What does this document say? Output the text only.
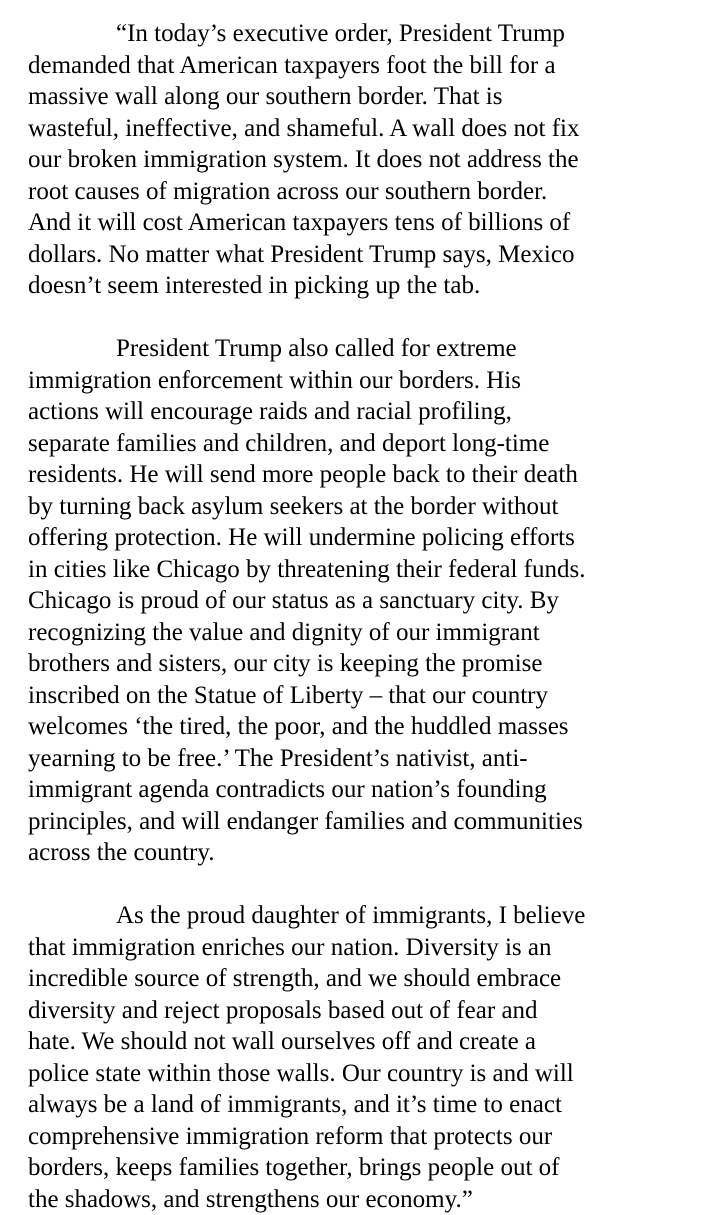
“In today’s executive order, President Trump
demanded that American taxpayers foot the bill for a
massive wall along our southern border. That is
wasteful, ineffective, and shameful. A wall does not fix
our broken immigration system. It does not address the
root causes of migration across our southern border.
And it will cost American taxpayers tens of billions of
dollars. No matter what President Trump says, Mexico
doesn’t seem interested in picking up the tab.

President Trump also called for extreme
immigration enforcement within our borders. His
actions will encourage raids and racial profiling,
separate families and children, and deport long-time
residents. He will send more people back to their death
by turning back asylum seekers at the border without
offering protection. He will undermine policing efforts
in cities like Chicago by threatening their federal funds.
Chicago is proud of our status as a sanctuary city. By
recognizing the value and dignity of our immigrant
brothers and sisters, our city is keeping the promise
inscribed on the Statue of Liberty – that our country
welcomes ‘the tired, the poor, and the huddled masses
yearning to be free.’ The President’s nativist, anti-
immigrant agenda contradicts our nation’s founding
principles, and will endanger families and communities
across the country.

As the proud daughter of immigrants, I believe
that immigration enriches our nation. Diversity is an
incredible source of strength, and we should embrace
diversity and reject proposals based out of fear and
hate. We should not wall ourselves off and create a
police state within those walls. Our country is and will
always be a land of immigrants, and it’s time to enact
comprehensive immigration reform that protects our
borders, keeps families together, brings people out of
the shadows, and strengthens our economy.”
